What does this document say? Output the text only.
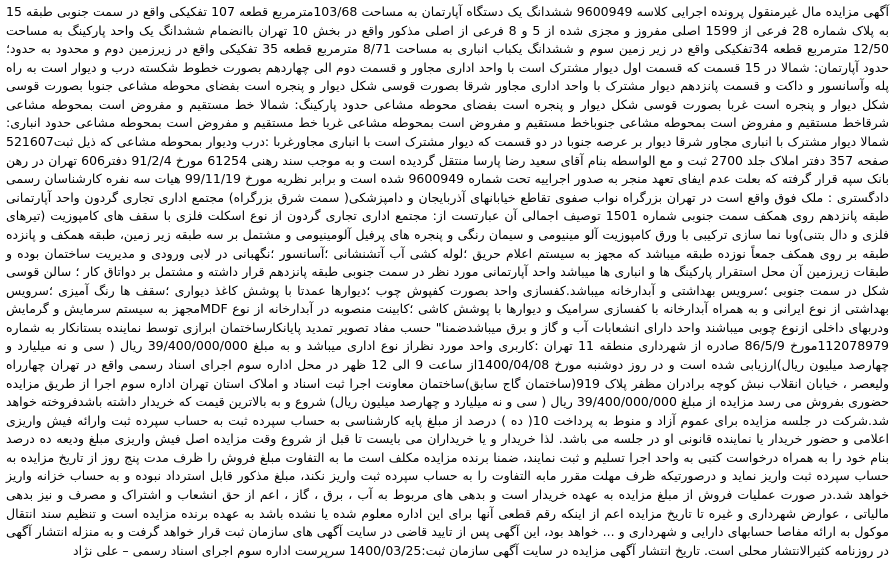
آگهی مزایده مال غیرمنقول پرونده اجرایی کلاسه 9600949 ششدانگ یک دستگاه آپارتمان به مساحت 103/68مترمربع قطعه 107 تفکیکی واقع در سمت جنوبی طبقه 15 به پلاک شماره 28 فرعی از 1599 اصلی مفروز و مجزی شده از 5 و 8 فرعی از اصلی مذکور واقع در بخش 10 تهران باانضمام ششدانگ یک واحد پارکینگ به مساحت 12/50 مترمربع قطعه 34تفکیکی واقع در زیر زمین سوم و ششدانگ یکباب انباری به مساحت 8/71 مترمربع قطعه 35 تفکیکی واقع در زیرزمین دوم و محدود به حدود؛ حدود آپارتمان: شمالا در 15 قسمت که قسمت اول دیوار مشترک است با واحد اداری مجاور و قسمت دوم الی چهاردهم بصورت خطوط شکسته درب و دیوار است به راه پله وآسانسور و داکت و قسمت پانزدهم دیوار مشترک با واحد اداری مجاور شرقا بصورت قوسی شکل دیوار و پنجره است بفضای محوطه مشاعی جنوبا بصورت قوسی شکل دیوار و پنجره است غربا بصورت قوسی شکل دیوار و پنجره است بفضای محوطه مشاعی حدود پارکینگ: شمالا خط مستقیم و مفروض است بمحوطه مشاعی شرقاخط مستقیم و مفروض است بمحوطه مشاعی جنوباخط مستقیم و مفروض است بمحوطه مشاعی غربا خط مستقیم و مفروض است بمحوطه مشاعی حدود انباری: شمالا دیوار مشترک با انباری مجاور شرقا دیوار بر عرصه جنوبا در دو قسمت که دیوار مشترک است با انباری مجاورغربا :درب ودیوار بمحوطه مشاعی که ذیل ثبت521607 صفحه 357 دفتر املاک جلد 2700 ثبت و مع الواسطه بنام آقای سعید رضا پارسا منتقل گردیده است و به موجب سند رهنی 61254 مورخ 91/2/4 دفتر606 تهران در رهن بانک سپه قرار گرفته که بعلت عدم ایفای تعهد منجر به صدور اجراییه تحت شماره 9600949 شده است و برابر نظریه مورخ 99/11/19 هیات سه نفره کارشناسان رسمی دادگستری : ملک فوق واقع است در تهران بزرگراه نواب صفوی تقاطع خیابانهای آذربایجان و دامپزشکی( سمت شرق بزرگراه) مجتمع اداری تجاری گردون واحد آپارتمانی طبقه پانزدهم روی همکف سمت جنوبی شماره 1501 توصیف اجمالی آن عبارتست از: مجتمع اداری تجاری گردون از نوع اسکلت فلزی با سقف های کامپوزیت (تیرهای فلزی و دال بتنی)وبا نما سازی ترکیبی با ورق کامپوزیت آلو مینیومی و سیمان رنگی و پنجره های پرفیل آلومینیومی و مشتمل بر سه طبقه زیر زمین، طبقه همکف و پانزده طبقه بر روی همکف جمعاً نوزده طبقه میباشد که مجهز به سیستم اعلام حریق ؛لوله کشی آب آتشنشانی ؛آسانسور ؛نگهبانی در لابی ورودی و مدیریت ساختمان بوده و طبقات زیرزمین آن محل استقرار پارکینگ ها و انباری ها میباشد واحد آپارتمانی مورد نظر در سمت جنوبی طبقه پانزدهم قرار داشته و مشتمل بر دواتاق کار ؛ سالن قوسی شکل در سمت جنوبی ؛سرویس بهداشتی و آبدارخانه میباشد.کفسازی واحد بصورت کفپوش چوب ؛دیوارها عمدتا با پوشش کاغذ دیواری ؛سقف ها رنگ آمیزی ؛سرویس بهداشتی از نوع ایرانی و به همراه آبدارخانه با کفسازی سرامیک و دیوارها با پوشش کاشی ؛کابینت منصوبه در آبدارخانه از نوع MDFمجهز به سیستم سرمایش و گرمایش ودربهای داخلی ازنوع چوبی میباشند واحد دارای انشعابات آب و گاز و برق میباشدضمنا" حسب مفاد تصویر تمدید پایانکارساختمان ابرازی توسط نماینده بستانکار به شماره 112078979مورخ 86/5/9 صادره از شهرداری منطقه 11 تهران :کاربری واحد مورد نظراز نوع اداری میباشد و به مبلغ 39/400/000/000 ریال ( سی و نه میلیارد و چهارصد میلیون ریال)ارزیابی شده است و در روز دوشنبه مورخ 1400/04/08از ساعت 9 الی 12 ظهر در محل اداره سوم اجرای اسناد رسمی واقع در تهران چهارراه ولیعصر ، خیابان انقلاب نبش کوچه برادران مظفر پلاک 919(ساختمان گاج سابق)ساختمان معاونت اجرا ثبت اسناد و املاک استان تهران اداره سوم اجرا از طریق مزایده حضوری بفروش می رسد مزایده از مبلغ 39/400/000/000 ریال ( سی و نه میلیارد و چهارصد میلیون ریال) شروع و به بالاترین قیمت که خریدار داشته باشدفروخته خواهد شد.شرکت در جلسه مزایده برای عموم آزاد و منوط به پرداخت 10( ده ) درصد از مبلغ پایه کارشناسی به حساب سپرده ثبت به حساب سپرده ثبت وارائه فیش واریزی اعلامی و حضور خریدار یا نماینده قانونی او در جلسه می باشد. لذا خریدار و یا خریداران می بایست تا قبل از شروع وقت مزایده اصل فیش واریزی مبلغ ودیعه ده درصد بنام خود را به همراه درخواست کتبی به واحد اجرا تسلیم و ثبت نمایند، ضمنا برنده مزایده مکلف است ما به التفاوت مبلغ فروش را ظرف مدت پنج روز از تاریخ مزایده به حساب سپرده ثبت واریز نماید و درصورتیکه ظرف مهلت مقرر مابه التفاوت را به حساب سپرده ثبت واریز نکند، مبلغ مذکور قابل استرداد نبوده و به حساب خزانه واریز خواهد شد.در صورت عملیات فروش از مبلغ مزایده به عهده خریدار است و بدهی های مربوط به آب ، برق ، گاز ، اعم از حق انشعاب و اشتراک و مصرف و نیز بدهی مالیاتی ، عوارض شهرداری و غیره تا تاریخ مزایده اعم از اینکه رقم قطعی آنها برای این اداره معلوم شده یا نشده باشد به عهده برنده مزایده است و تنظیم سند انتقال موکول به ارائه مفاصا حسابهای دارایی و شهرداری و ... خواهد بود، این آگهی پس از تایید قاضی در سایت آگهی های سازمان ثبت قرار خواهد گرفت و به منزله انتشار آگهی در روزنامه کثیرالانتشار محلی است. تاریخ انتشار آگهی مزایده در سایت آگهی سازمان ثبت:1400/03/25 سرپرست اداره سوم اجرای اسناد رسمی – علی نژاد
